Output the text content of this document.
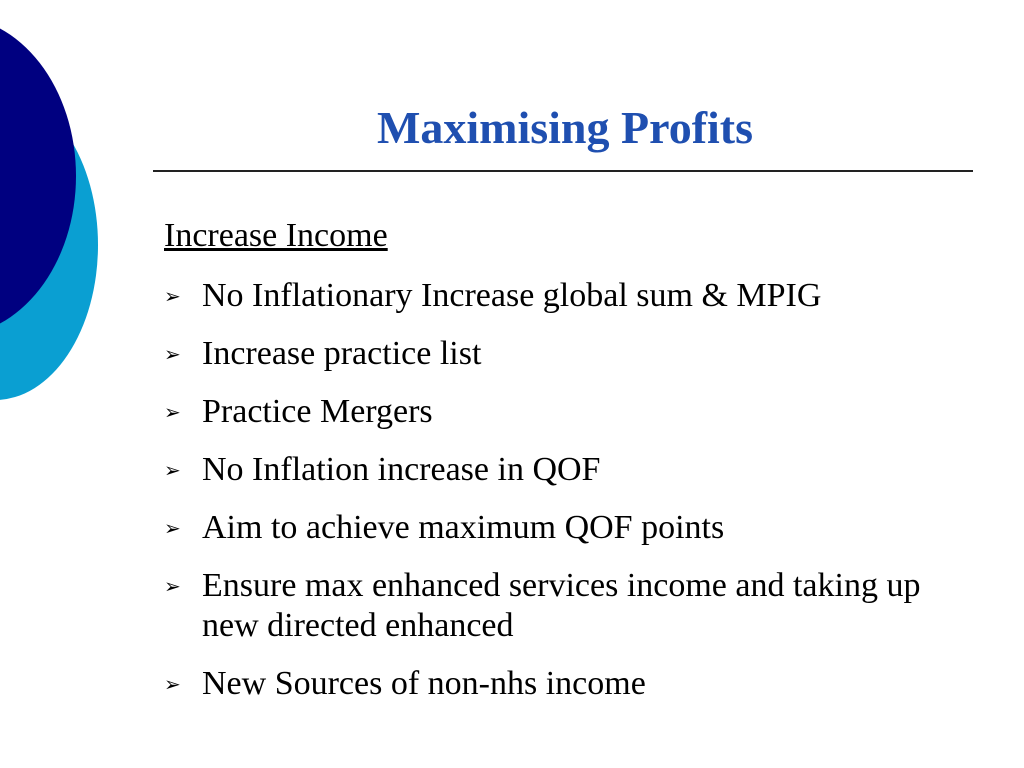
Maximising Profits
Increase Income
➢ No Inflationary Increase global sum & MPIG
➢ Increase practice list
➢ Practice Mergers
➢ No Inflation increase in QOF
➢ Aim to achieve maximum QOF points
➢ Ensure max enhanced services income and taking up new directed enhanced
➢ New Sources of non-nhs income
